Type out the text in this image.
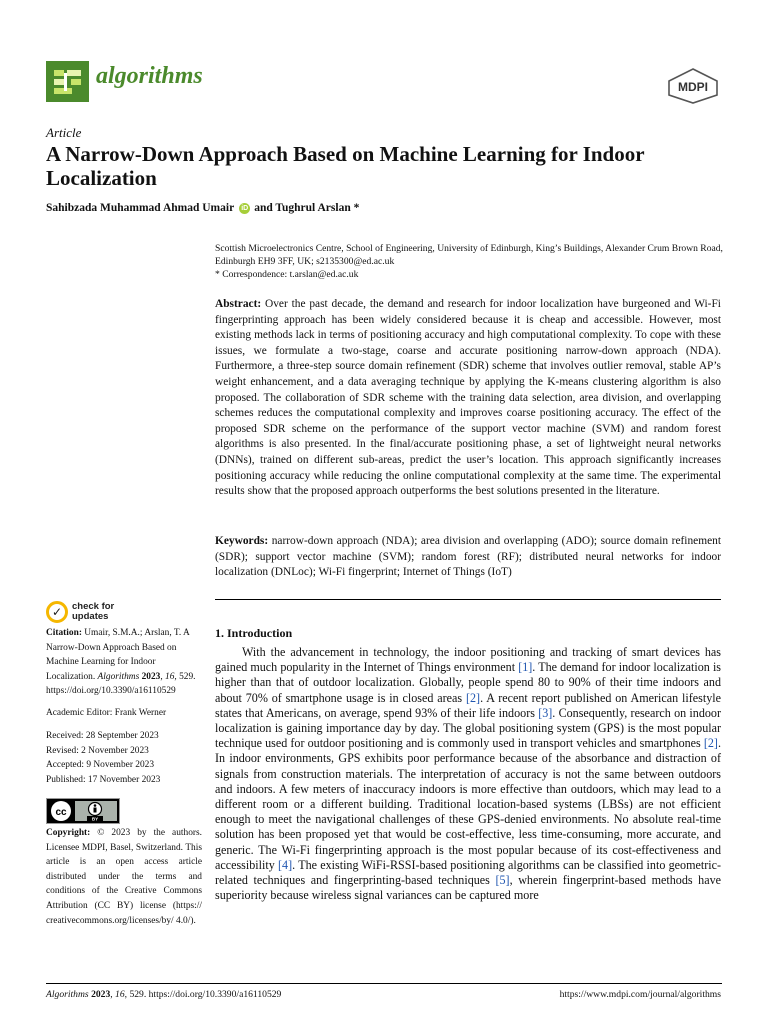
algorithms	MDPI
Article
A Narrow-Down Approach Based on Machine Learning for Indoor Localization
Sahibzada Muhammad Ahmad Umair iD and Tughrul Arslan *
Scottish Microelectronics Centre, School of Engineering, University of Edinburgh, King’s Buildings, Alexander Crum Brown Road, Edinburgh EH9 3FF, UK; s2135300@ed.ac.uk
* Correspondence: t.arslan@ed.ac.uk

Abstract: Over the past decade, the demand and research for indoor localization have burgeoned and Wi-Fi fingerprinting approach has been widely considered because it is cheap and accessible. However, most existing methods lack in terms of positioning accuracy and high computational complexity. To cope with these issues, we formulate a two-stage, coarse and accurate positioning narrow-down approach (NDA). Furthermore, a three-step source domain refinement (SDR) scheme that involves outlier removal, stable AP’s weight enhancement, and a data averaging technique by applying the K-means clustering algorithm is also proposed. The collaboration of SDR scheme with the training data selection, area division, and overlapping schemes reduces the computational complexity and improves coarse positioning accuracy. The effect of the proposed SDR scheme on the performance of the support vector machine (SVM) and random forest algorithms is also presented. In the final/accurate positioning phase, a set of lightweight neural networks (DNNs), trained on different sub-areas, predict the user’s location. This approach significantly increases positioning accuracy while reducing the online computational complexity at the same time. The experimental results show that the proposed approach outperforms the best solutions presented in the literature.

Keywords: narrow-down approach (NDA); area division and overlapping (ADO); source domain refinement (SDR); support vector machine (SVM); random forest (RF); distributed neural networks for indoor localization (DNLoc); Wi-Fi fingerprint; Internet of Things (IoT)

✓ check for
updates
Citation: Umair, S.M.A.; Arslan, T. A Narrow-Down Approach Based on Machine Learning for Indoor Localization. Algorithms 2023, 16, 529. https://doi.org/10.3390/a16110529
Academic Editor: Frank Werner
Received: 28 September 2023
Revised: 2 November 2023
Accepted: 9 November 2023
Published: 17 November 2023
cc
BY
Copyright: © 2023 by the authors. Licensee MDPI, Basel, Switzerland. This article is an open access article distributed under the terms and conditions of the Creative Commons Attribution (CC BY) license (https:// creativecommons.org/licenses/by/ 4.0/).
1. Introduction

With the advancement in technology, the indoor positioning and tracking of smart devices has gained much popularity in the Internet of Things environment [1]. The demand for indoor localization is higher than that of outdoor localization. Globally, people spend 80 to 90% of their time indoors and about 70% of smartphone usage is in closed areas [2]. A recent report published on American lifestyle states that Americans, on average, spend 93% of their life indoors [3]. Consequently, research on indoor localization is gaining importance day by day. The global positioning system (GPS) is the most popular technique used for outdoor positioning and is commonly used in transport vehicles and smartphones [2]. In indoor environments, GPS exhibits poor performance because of the absorbance and distraction of signals from construction materials. The interpretation of accuracy is not the same between outdoors and indoors. A few meters of inaccuracy indoors is more effective than outdoors, which may lead to a different room or a different building. Traditional location-based systems (LBSs) are not efficient enough to meet the navigational challenges of these GPS-denied environments. No absolute real-time solution has been proposed yet that would be cost-effective, less time-consuming, more accurate, and generic. The Wi-Fi fingerprinting approach is the most popular because of its cost-effectiveness and accessibility [4]. The existing WiFi-RSSI-based positioning algorithms can be classified into geometric-related techniques and fingerprinting-based techniques [5], wherein fingerprint-based methods have superiority because wireless signal variances can be captured more

Algorithms 2023, 16, 529. https://doi.org/10.3390/a16110529	https://www.mdpi.com/journal/algorithms
